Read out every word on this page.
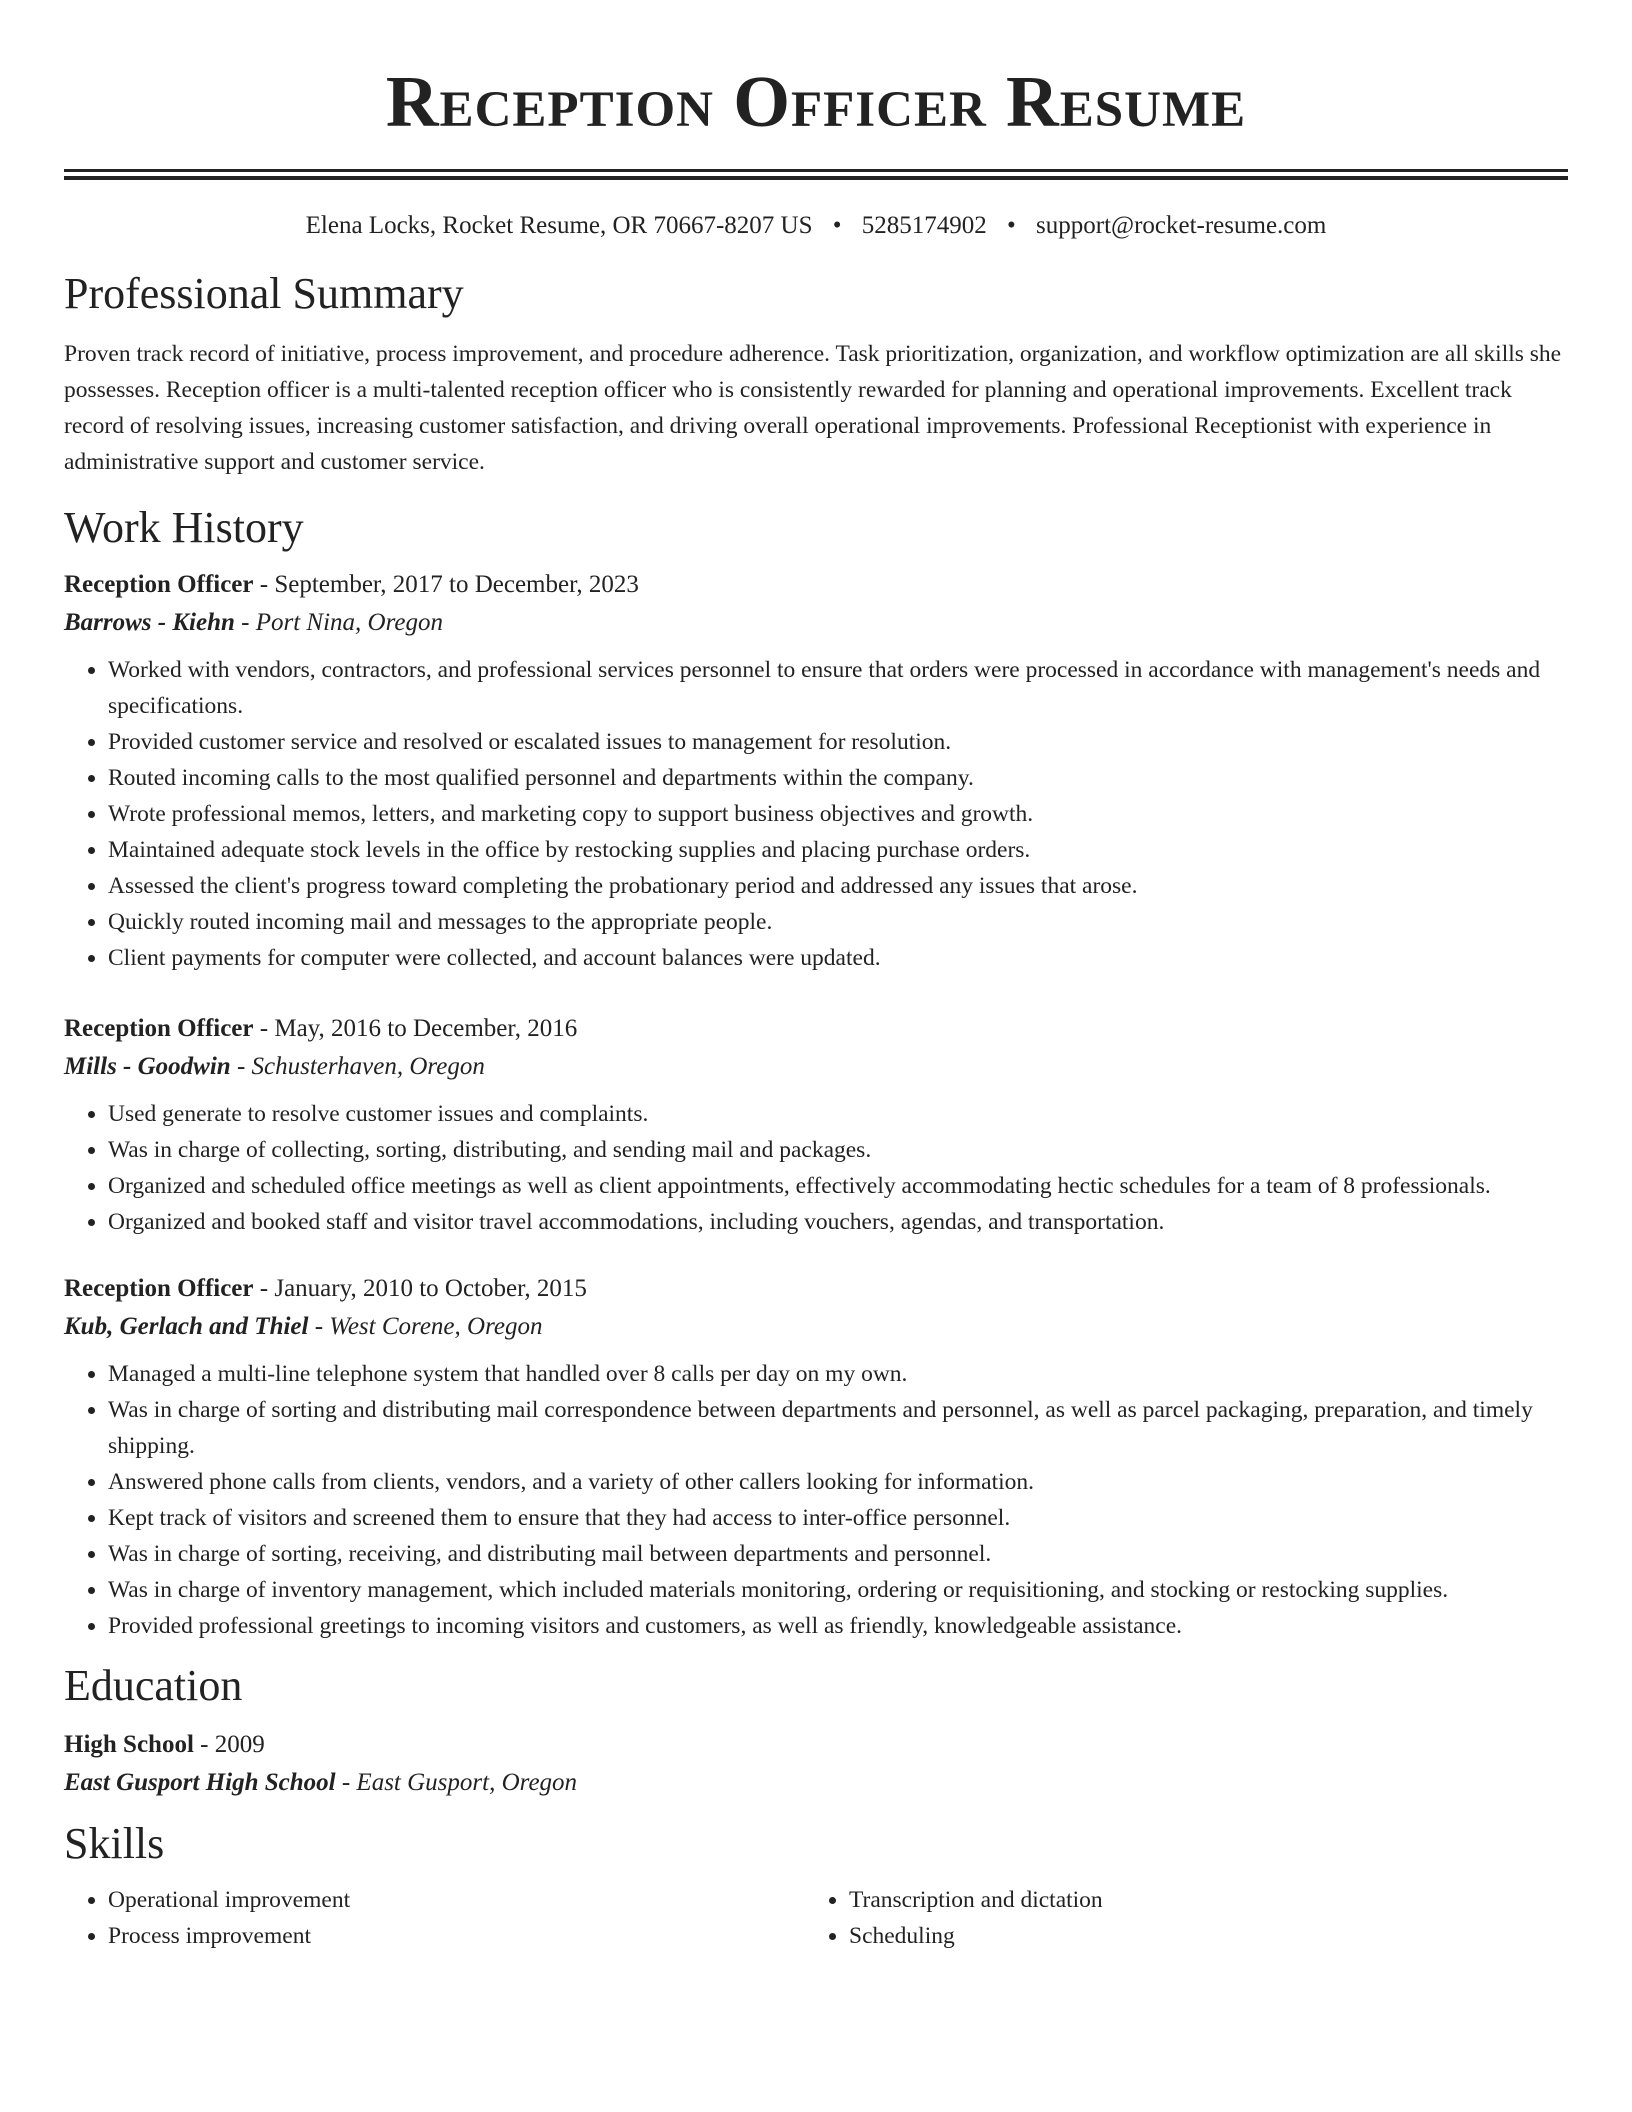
Reception Officer Resume
Elena Locks, Rocket Resume, OR 70667-8207 US • 5285174902 • support@rocket-resume.com
Professional Summary

Proven track record of initiative, process improvement, and procedure adherence. Task prioritization, organization, and workflow optimization are all skills she possesses. Reception officer is a multi-talented reception officer who is consistently rewarded for planning and operational improvements. Excellent track record of resolving issues, increasing customer satisfaction, and driving overall operational improvements. Professional Receptionist with experience in administrative support and customer service.

Work History
Reception Officer - September, 2017 to December, 2023
Barrows - Kiehn - Port Nina, Oregon
• Worked with vendors, contractors, and professional services personnel to ensure that orders were processed in accordance with management's needs and specifications.
• Provided customer service and resolved or escalated issues to management for resolution.
• Routed incoming calls to the most qualified personnel and departments within the company.
• Wrote professional memos, letters, and marketing copy to support business objectives and growth.
• Maintained adequate stock levels in the office by restocking supplies and placing purchase orders.
• Assessed the client's progress toward completing the probationary period and addressed any issues that arose.
• Quickly routed incoming mail and messages to the appropriate people.
• Client payments for computer were collected, and account balances were updated.
Reception Officer - May, 2016 to December, 2016
Mills - Goodwin - Schusterhaven, Oregon
• Used generate to resolve customer issues and complaints.
• Was in charge of collecting, sorting, distributing, and sending mail and packages.
• Organized and scheduled office meetings as well as client appointments, effectively accommodating hectic schedules for a team of 8 professionals.
• Organized and booked staff and visitor travel accommodations, including vouchers, agendas, and transportation.
Reception Officer - January, 2010 to October, 2015
Kub, Gerlach and Thiel - West Corene, Oregon
• Managed a multi-line telephone system that handled over 8 calls per day on my own.
• Was in charge of sorting and distributing mail correspondence between departments and personnel, as well as parcel packaging, preparation, and timely shipping.
• Answered phone calls from clients, vendors, and a variety of other callers looking for information.
• Kept track of visitors and screened them to ensure that they had access to inter-office personnel.
• Was in charge of sorting, receiving, and distributing mail between departments and personnel.
• Was in charge of inventory management, which included materials monitoring, ordering or requisitioning, and stocking or restocking supplies.
• Provided professional greetings to incoming visitors and customers, as well as friendly, knowledgeable assistance.
Education
High School - 2009
East Gusport High School - East Gusport, Oregon
Skills
• Operational improvement
• Process improvement
• Transcription and dictation
• Scheduling
